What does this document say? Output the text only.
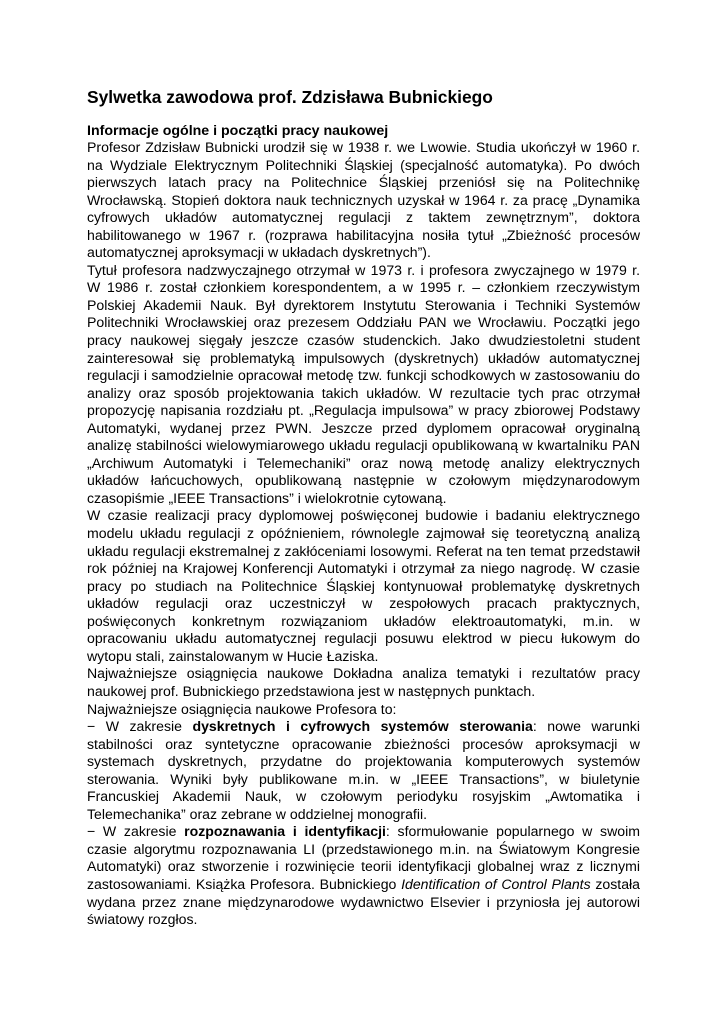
Sylwetka zawodowa prof. Zdzisława Bubnickiego
Informacje ogólne i początki pracy naukowej

Profesor Zdzisław Bubnicki urodził się w 1938 r. we Lwowie. Studia ukończył w 1960 r. na Wydziale Elektrycznym Politechniki Śląskiej (specjalność automatyka). Po dwóch pierwszych latach pracy na Politechnice Śląskiej przeniósł się na Politechnikę Wrocławską. Stopień doktora nauk technicznych uzyskał w 1964 r. za pracę „Dynamika cyfrowych układów automatycznej regulacji z taktem zewnętrznym”, doktora habilitowanego w 1967 r. (rozprawa habilitacyjna nosiła tytuł „Zbieżność procesów automatycznej aproksymacji w układach dyskretnych”).

Tytuł profesora nadzwyczajnego otrzymał w 1973 r. i profesora zwyczajnego w 1979 r. W 1986 r. został członkiem korespondentem, a w 1995 r. – członkiem rzeczywistym Polskiej Akademii Nauk. Był dyrektorem Instytutu Sterowania i Techniki Systemów Politechniki Wrocławskiej oraz prezesem Oddziału PAN we Wrocławiu. Początki jego pracy naukowej sięgały jeszcze czasów studenckich. Jako dwudziestoletni student zainteresował się problematyką impulsowych (dyskretnych) układów automatycznej regulacji i samodzielnie opracował metodę tzw. funkcji schodkowych w zastosowaniu do analizy oraz sposób projektowania takich układów. W rezultacie tych prac otrzymał propozycję napisania rozdziału pt. „Regulacja impulsowa” w pracy zbiorowej Podstawy Automatyki, wydanej przez PWN. Jeszcze przed dyplomem opracował oryginalną analizę stabilności wielowymiarowego układu regulacji opublikowaną w kwartalniku PAN „Archiwum Automatyki i Telemechaniki” oraz nową metodę analizy elektrycznych układów łańcuchowych, opublikowaną następnie w czołowym międzynarodowym czasopiśmie „IEEE Transactions” i wielokrotnie cytowaną.

W czasie realizacji pracy dyplomowej poświęconej budowie i badaniu elektrycznego modelu układu regulacji z opóźnieniem, równolegle zajmował się teoretyczną analizą układu regulacji ekstremalnej z zakłóceniami losowymi. Referat na ten temat przedstawił rok później na Krajowej Konferencji Automatyki i otrzymał za niego nagrodę. W czasie pracy po studiach na Politechnice Śląskiej kontynuował problematykę dyskretnych układów regulacji oraz uczestniczył w zespołowych pracach praktycznych, poświęconych konkretnym rozwiązaniom układów elektroautomatyki, m.in. w opracowaniu układu automatycznej regulacji posuwu elektrod w piecu łukowym do wytopu stali, zainstalowanym w Hucie Łaziska.

Najważniejsze osiągnięcia naukowe Dokładna analiza tematyki i rezultatów pracy naukowej prof. Bubnickiego przedstawiona jest w następnych punktach.

Najważniejsze osiągnięcia naukowe Profesora to:

− W zakresie dyskretnych i cyfrowych systemów sterowania: nowe warunki stabilności oraz syntetyczne opracowanie zbieżności procesów aproksymacji w systemach dyskretnych, przydatne do projektowania komputerowych systemów sterowania. Wyniki były publikowane m.in. w „IEEE Transactions”, w biuletynie Francuskiej Akademii Nauk, w czołowym periodyku rosyjskim „Awtomatika i Telemechanika” oraz zebrane w oddzielnej monografii.

− W zakresie rozpoznawania i identyfikacji: sformułowanie popularnego w swoim czasie algorytmu rozpoznawania LI (przedstawionego m.in. na Światowym Kongresie Automatyki) oraz stworzenie i rozwinięcie teorii identyfikacji globalnej wraz z licznymi zastosowaniami. Książka Profesora. Bubnickiego Identification of Control Plants została wydana przez znane międzynarodowe wydawnictwo Elsevier i przyniosła jej autorowi światowy rozgłos.
